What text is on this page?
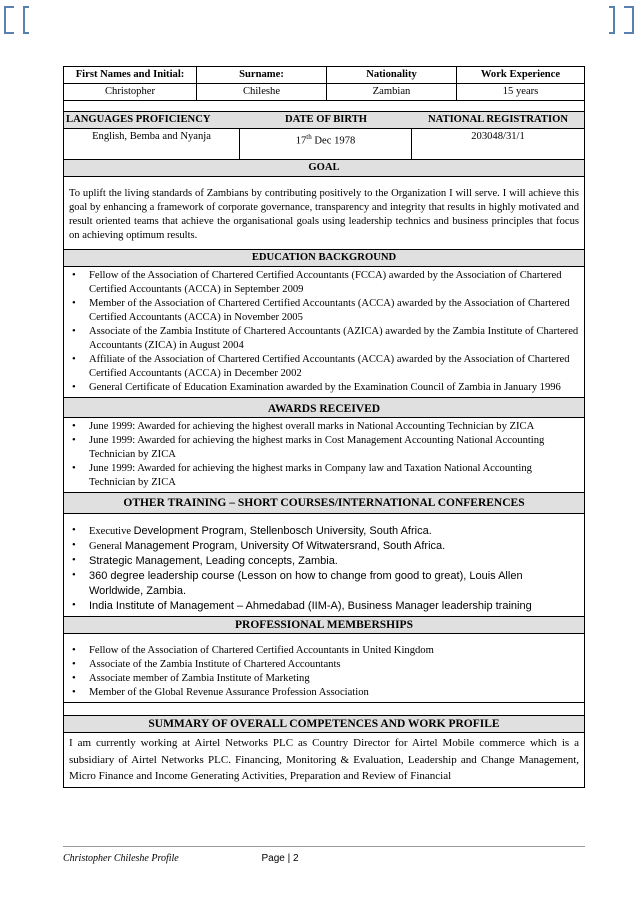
First Names and Initial:	Surname:	Nationality	Work Experience
Christopher	Chileshe	Zambian	15 years
LANGUAGES PROFICIENCY	DATE OF BIRTH	NATIONAL REGISTRATION
English, Bemba and Nyanja	17th Dec 1978	203048/31/1
GOAL
To uplift the living standards of Zambians by contributing positively to the Organization I will serve. I will achieve this goal by enhancing a framework of corporate governance, transparency and integrity that results in highly motivated and result oriented teams that achieve the organisational goals using leadership technics and business principles that focus on achieving optimum results.
EDUCATION BACKGROUND
• Fellow of the Association of Chartered Certified Accountants (FCCA) awarded by the Association of Chartered Certified Accountants (ACCA) in September 2009
• Member of the Association of Chartered Certified Accountants (ACCA) awarded by the Association of Chartered Certified Accountants (ACCA) in November 2005
• Associate of the Zambia Institute of Chartered Accountants (AZICA) awarded by the Zambia Institute of Chartered Accountants (ZICA) in August 2004
• Affiliate of the Association of Chartered Certified Accountants (ACCA) awarded by the Association of Chartered Certified Accountants (ACCA) in December 2002
• General Certificate of Education Examination awarded by the Examination Council of Zambia in January 1996
AWARDS RECEIVED
• June 1999: Awarded for achieving the highest overall marks in National Accounting Technician by ZICA
• June 1999: Awarded for achieving the highest marks in Cost Management Accounting National Accounting Technician by ZICA
• June 1999: Awarded for achieving the highest marks in Company law and Taxation National Accounting Technician by ZICA
OTHER TRAINING – SHORT COURSES/INTERNATIONAL CONFERENCES
• Executive Development Program, Stellenbosch University, South Africa.
• General Management Program, University Of Witwatersrand, South Africa.
• Strategic Management, Leading concepts, Zambia.
• 360 degree leadership course (Lesson on how to change from good to great), Louis Allen Worldwide, Zambia.
• India Institute of Management – Ahmedabad (IIM-A), Business Manager leadership training
PROFESSIONAL MEMBERSHIPS
• Fellow of the Association of Chartered Certified Accountants in United Kingdom
• Associate of the Zambia Institute of Chartered Accountants
• Associate member of Zambia Institute of Marketing
• Member of the Global Revenue Assurance Profession Association
SUMMARY OF OVERALL COMPETENCES AND WORK PROFILE
I am currently working at Airtel Networks PLC as Country Director for Airtel Mobile commerce which is a subsidiary of Airtel Networks PLC. Financing, Monitoring & Evaluation, Leadership and Change Management, Micro Finance and Income Generating Activities, Preparation and Review of Financial
Christopher Chileshe Profile	Page | 2
